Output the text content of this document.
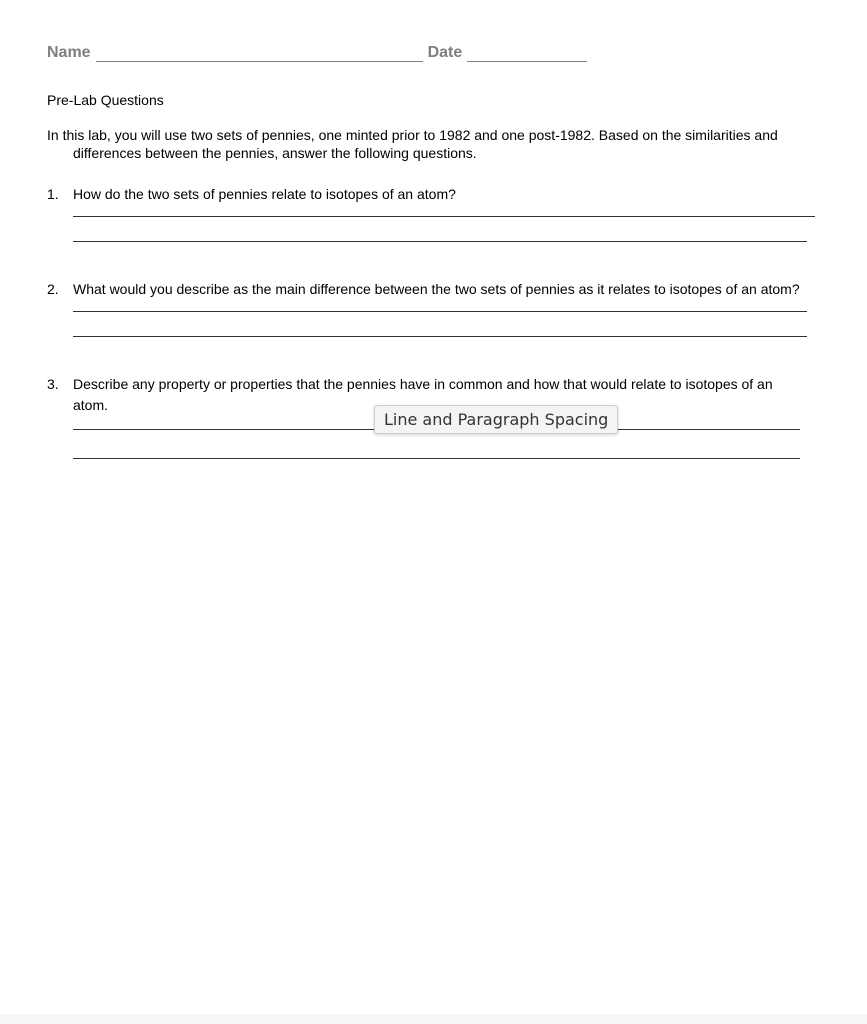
Name	Date
Pre-Lab Questions
In this lab, you will use two sets of pennies, one minted prior to 1982 and one post-1982. Based on the similarities and
differences between the pennies, answer the following questions.
1. How do the two sets of pennies relate to isotopes of an atom?
2. What would you describe as the main difference between the two sets of pennies as it relates to isotopes of an atom?
3. Describe any property or properties that the pennies have in common and how that would relate to isotopes of an
atom.
Line and Paragraph Spacing
